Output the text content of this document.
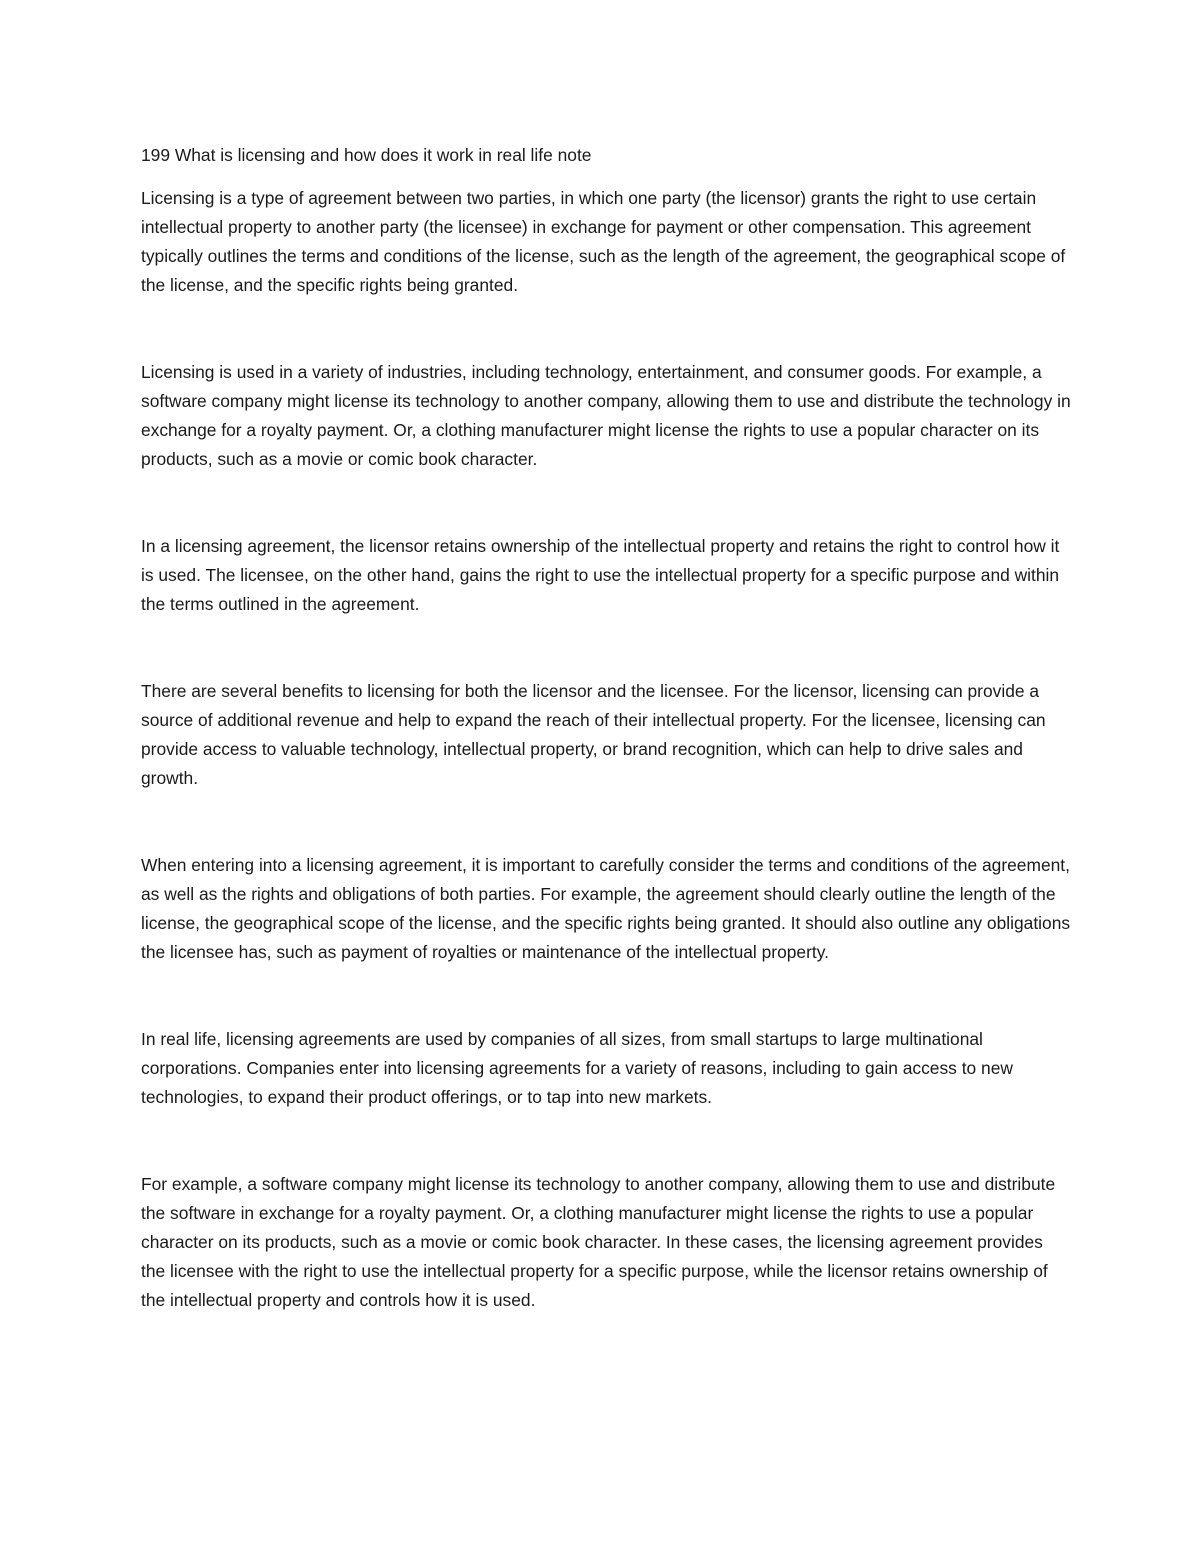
199 What is licensing and how does it work in real life note

Licensing is a type of agreement between two parties, in which one party (the licensor) grants the right to use certain intellectual property to another party (the licensee) in exchange for payment or other compensation. This agreement typically outlines the terms and conditions of the license, such as the length of the agreement, the geographical scope of the license, and the specific rights being granted.

Licensing is used in a variety of industries, including technology, entertainment, and consumer goods. For example, a software company might license its technology to another company, allowing them to use and distribute the technology in exchange for a royalty payment. Or, a clothing manufacturer might license the rights to use a popular character on its products, such as a movie or comic book character.

In a licensing agreement, the licensor retains ownership of the intellectual property and retains the right to control how it is used. The licensee, on the other hand, gains the right to use the intellectual property for a specific purpose and within the terms outlined in the agreement.

There are several benefits to licensing for both the licensor and the licensee. For the licensor, licensing can provide a source of additional revenue and help to expand the reach of their intellectual property. For the licensee, licensing can provide access to valuable technology, intellectual property, or brand recognition, which can help to drive sales and growth.

When entering into a licensing agreement, it is important to carefully consider the terms and conditions of the agreement, as well as the rights and obligations of both parties. For example, the agreement should clearly outline the length of the license, the geographical scope of the license, and the specific rights being granted. It should also outline any obligations the licensee has, such as payment of royalties or maintenance of the intellectual property.

In real life, licensing agreements are used by companies of all sizes, from small startups to large multinational corporations. Companies enter into licensing agreements for a variety of reasons, including to gain access to new technologies, to expand their product offerings, or to tap into new markets.

For example, a software company might license its technology to another company, allowing them to use and distribute the software in exchange for a royalty payment. Or, a clothing manufacturer might license the rights to use a popular character on its products, such as a movie or comic book character. In these cases, the licensing agreement provides the licensee with the right to use the intellectual property for a specific purpose, while the licensor retains ownership of the intellectual property and controls how it is used.
